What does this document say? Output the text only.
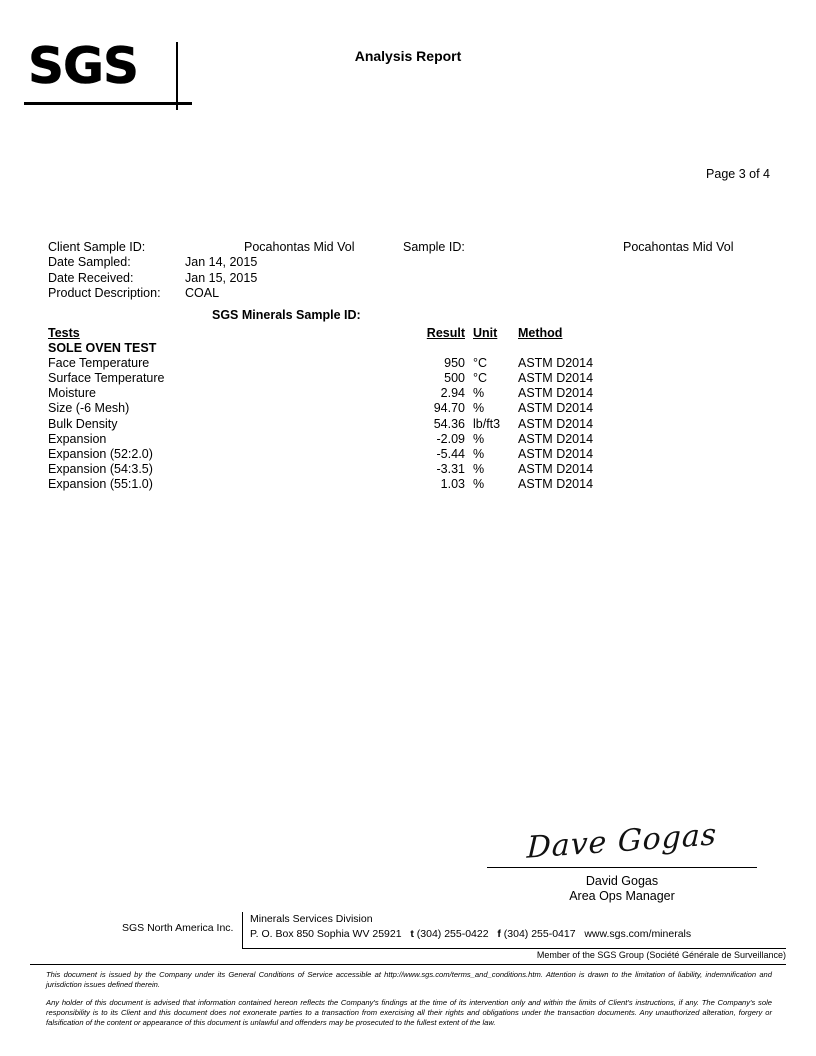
SGS	Analysis Report
Page 3 of 4
Client Sample ID:	Pocahontas Mid Vol	Sample ID:	Pocahontas Mid Vol
Date Sampled:	Jan 14, 2015
Date Received:	Jan 15, 2015
Product Description: COAL
SGS Minerals Sample ID:
Tests	Result Unit Method
SOLE OVEN TEST
Face Temperature	950 °C ASTM D2014
Surface Temperature	500 °C ASTM D2014
Moisture	2.94 %	ASTM D2014
Size (-6 Mesh)	94.70 %	ASTM D2014
Bulk Density	54.36 lb/ft3 ASTM D2014
Expansion	-2.09 %	ASTM D2014
Expansion (52:2.0)	-5.44 %	ASTM D2014
Expansion (54:3.5)	-3.31 %	ASTM D2014
Expansion (55:1.0)	1.03 %	ASTM D2014
Dave Gogas
David Gogas
Area Ops Manager
SGS North America Inc.
Minerals Services Division
P. O. Box 850 Sophia WV 25921 t (304) 255-0422 f (304) 255-0417 www.sgs.com/minerals
Member of the SGS Group (Société Générale de Surveillance)

This document is issued by the Company under its General Conditions of Service accessible at http://www.sgs.com/terms_and_conditions.htm. Attention is drawn to the limitation of liability, indemnification and jurisdiction issues defined therein.

Any holder of this document is advised that information contained hereon reflects the Company's findings at the time of its intervention only and within the limits of Client's instructions, if any. The Company's sole responsibility is to its Client and this document does not exonerate parties to a transaction from exercising all their rights and obligations under the transaction documents. Any unauthorized alteration, forgery or falsification of the content or appearance of this document is unlawful and offenders may be prosecuted to the fullest extent of the law.
